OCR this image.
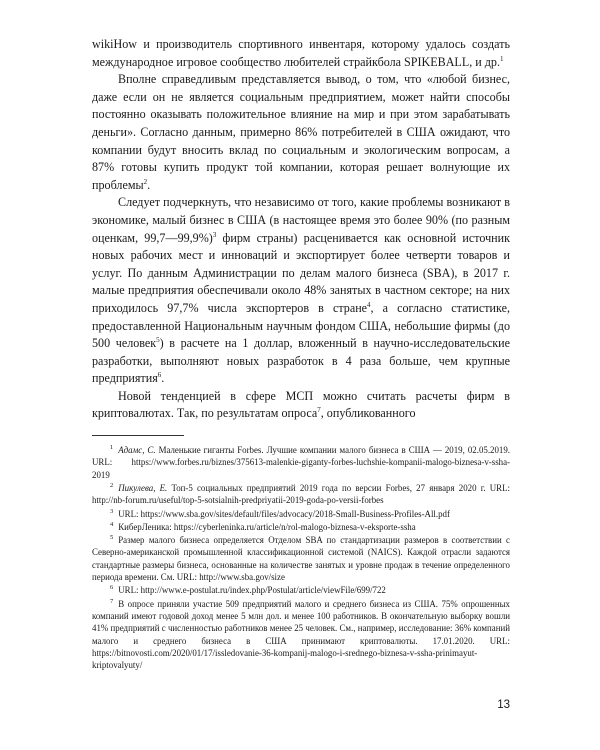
wikiHow и производитель спортивного инвентаря, которому удалось создать международное игровое сообщество любителей страйкбола SPIKEBALL, и др.$^1$

Вполне справедливым представляется вывод, о том, что «любой бизнес, даже если он не является социальным предприятием, может найти способы постоянно оказывать положительное влияние на мир и при этом зарабатывать деньги». Согласно данным, примерно 86% потребителей в США ожидают, что компании будут вносить вклад по социальным и экологическим вопросам, а 87% готовы купить продукт той компании, которая решает волнующие их проблемы$^2$.

Следует подчеркнуть, что независимо от того, какие проблемы возникают в экономике, малый бизнес в США (в настоящее время это более 90% (по разным оценкам, 99,7—99,9%)$^3$ фирм страны) расценивается как основной источник новых рабочих мест и инноваций и экспортирует более четверти товаров и услуг. По данным Администрации по делам малого бизнеса (SBA), в 2017 г. малые предприятия обеспечивали около 48% занятых в частном секторе; на них приходилось 97,7% числа экспортеров в стране$^4$, а согласно статистике, предоставленной Национальным научным фондом США, небольшие фирмы (до 500 человек$^5$) в расчете на 1 доллар, вложенный в научно-исследовательские разработки, выполняют новых разработок в 4 раза больше, чем крупные предприятия$^6$.

Новой тенденцией в сфере МСП можно считать расчеты фирм в криптовалютах. Так, по результатам опроса$^7$, опубликованного

$^1$ Адамс, С. Маленькие гиганты Forbes. Лучшие компании малого бизнеса в США — 2019, 02.05.2019. URL: https://www.forbes.ru/biznes/375613-malenkie-giganty-forbes-luchshie-kompanii-malogo-biznesa-v-ssha-2019

$^2$ Пикулева, Е. Топ-5 социальных предприятий 2019 года по версии Forbes, 27 января 2020 г. URL: http://nb-forum.ru/useful/top-5-sotsialnih-predpriyatii-2019-goda-po-versii-forbes

$^3$ URL: https://www.sba.gov/sites/default/files/advocacy/2018-Small-Business-Profiles-All.pdf

$^4$ КиберЛеника: https://cyberleninka.ru/article/n/rol-malogo-biznesa-v-eksporte-ssha

$^5$ Размер малого бизнеса определяется Отделом SBA по стандартизации размеров в соответствии с Северно-американской промышленной классификационной системой (NAICS). Каждой отрасли задаются стандартные размеры бизнеса, основанные на количестве занятых и уровне продаж в течение определенного периода времени. См. URL: http://www.sba.gov/size

$^6$ URL: http://www.e-postulat.ru/index.php/Postulat/article/viewFile/699/722

$^7$ В опросе приняли участие 509 предприятий малого и среднего бизнеса из США. 75% опрошенных компаний имеют годовой доход менее 5 млн дол. и менее 100 работников. В окончательную выборку вошли 41% предприятий с численностью работников менее 25 человек. См., например, исследование: 36% компаний малого и среднего бизнеса в США принимают криптовалюты. 17.01.2020. URL: https://bitnovosti.com/2020/01/17/issledovanie-36-kompanij-malogo-i-srednego-biznesa-v-ssha-prinimayut-kriptovalyuty/

13
